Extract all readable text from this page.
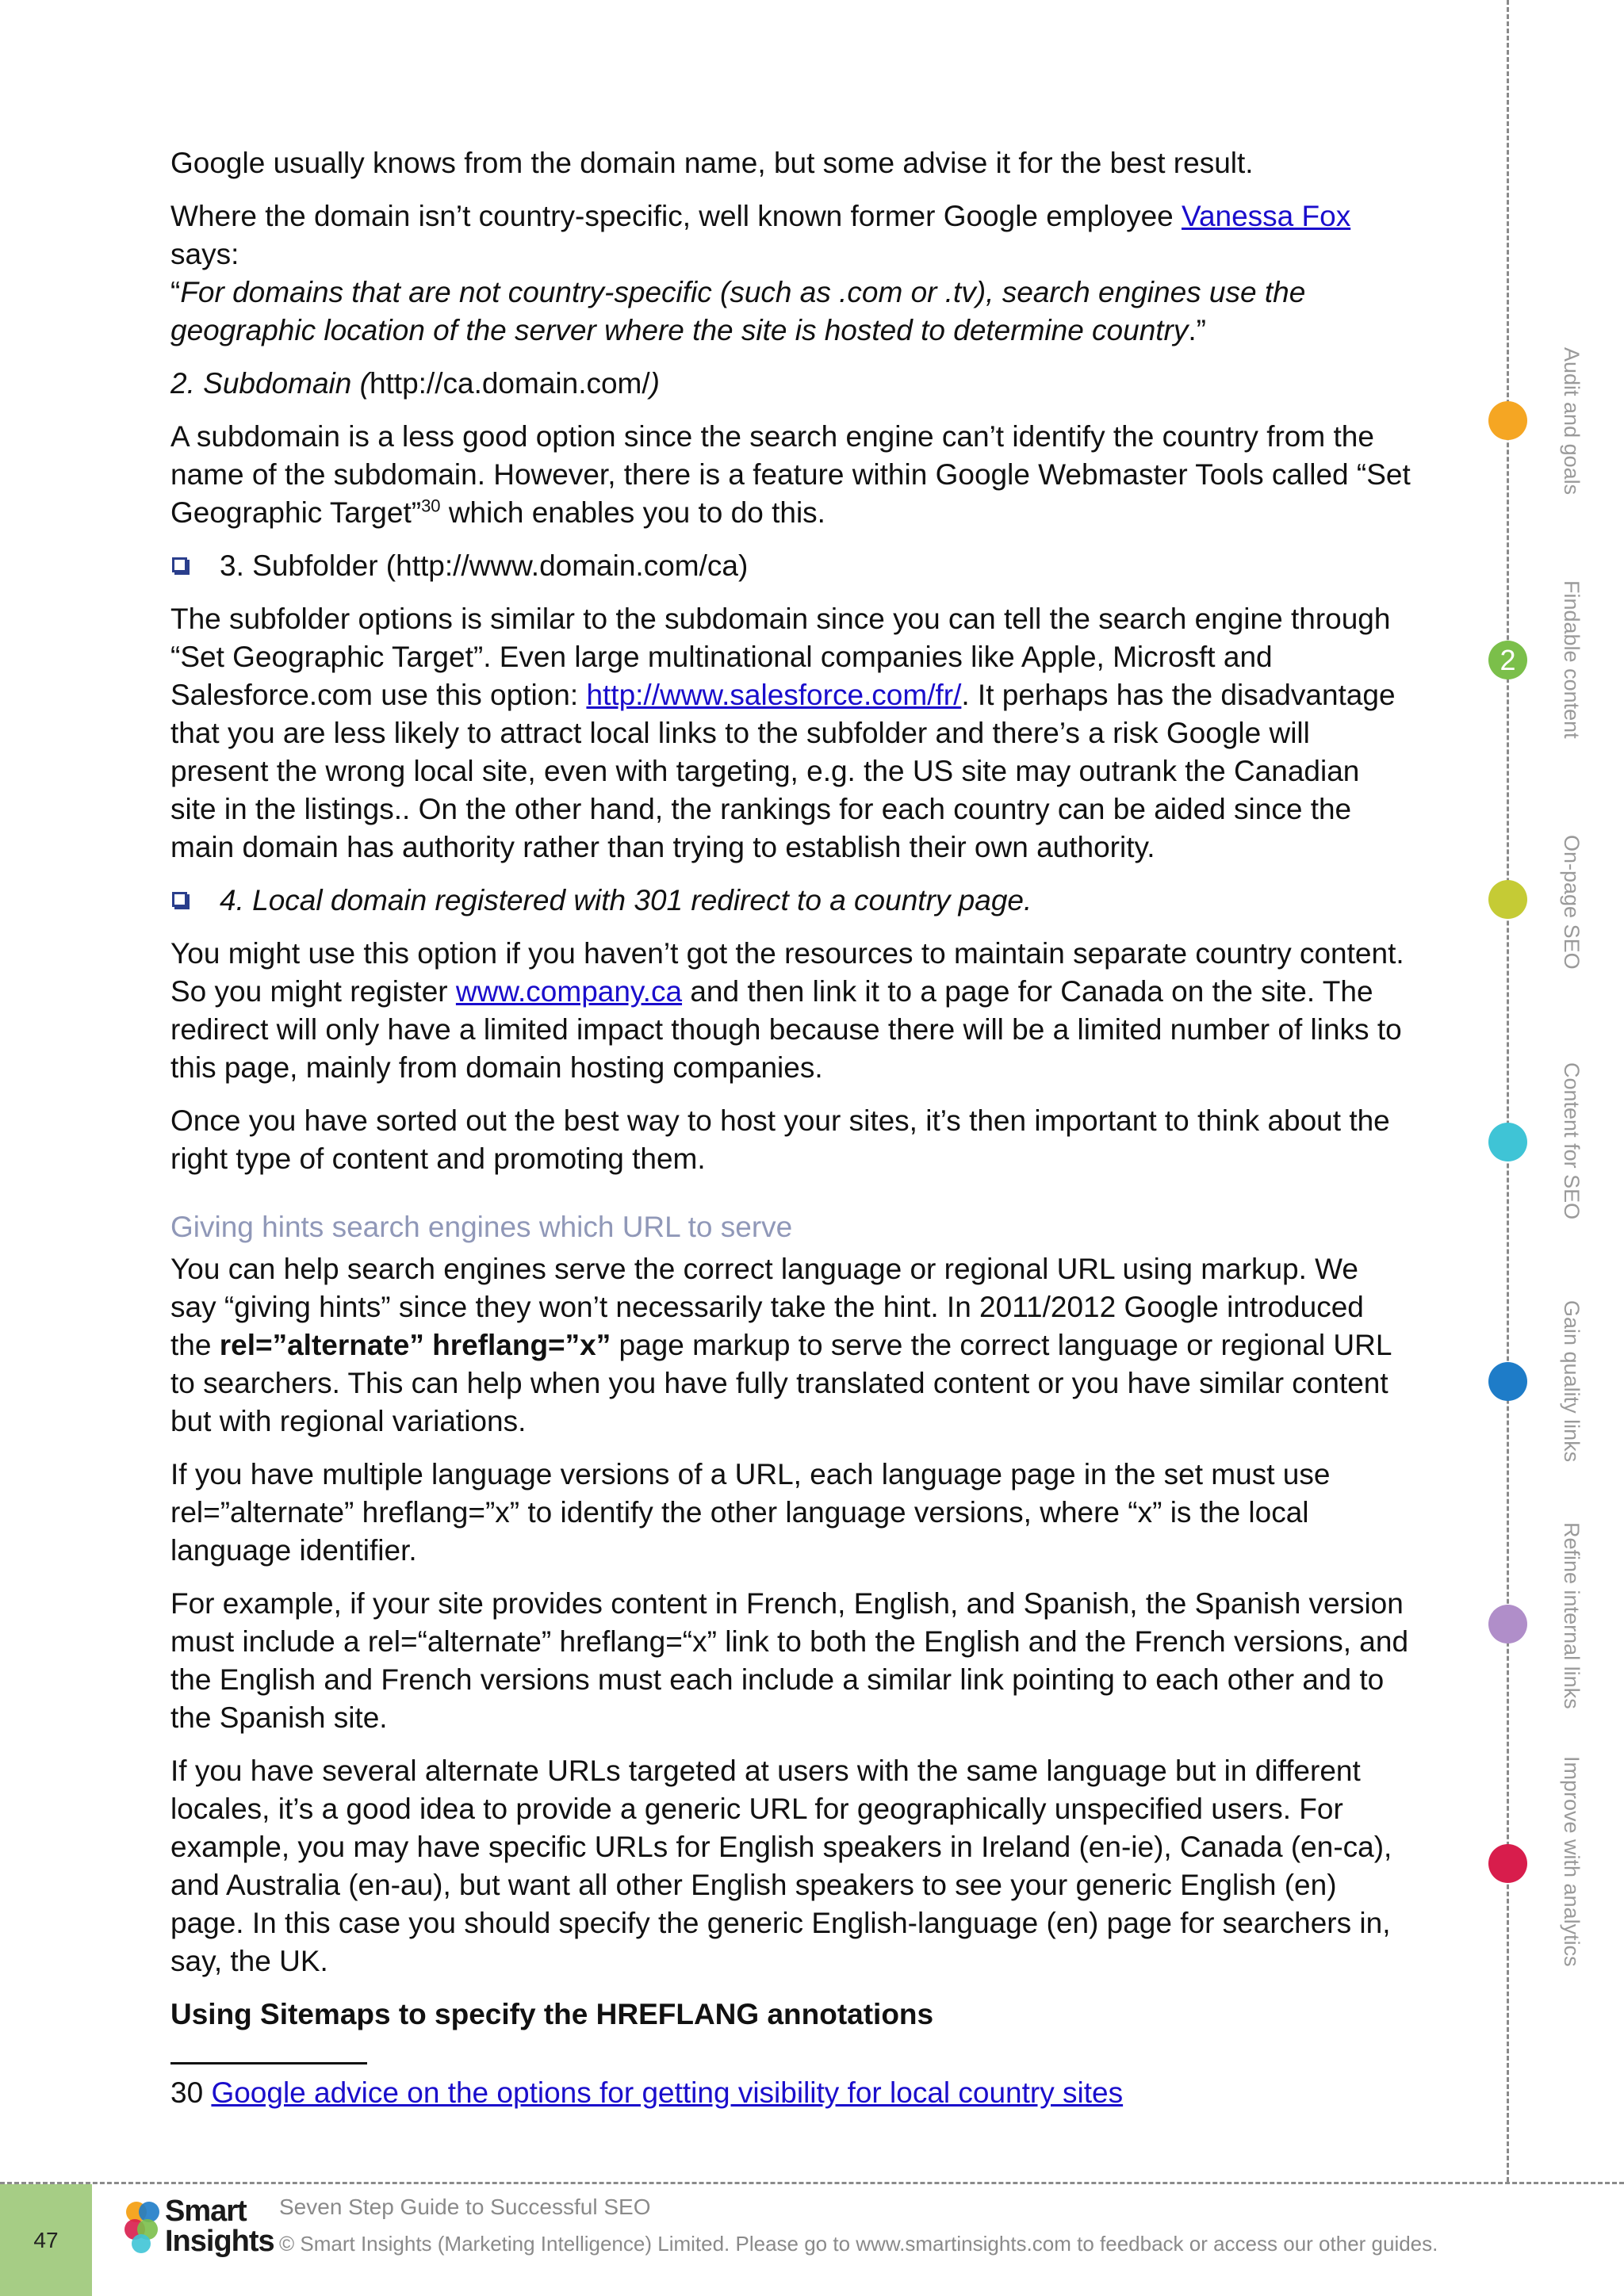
Google usually knows from the domain name, but some advise it for the best result.

Where the domain isn’t country-specific, well known former Google employee Vanessa Fox
says:
“For domains that are not country-specific (such as .com or .tv), search engines use the geographic location of the server where the site is hosted to determine country.”

2. Subdomain (http://ca.domain.com/)

A subdomain is a less good option since the search engine can’t identify the country from the name of the subdomain. However, there is a feature within Google Webmaster Tools called “Set Geographic Target”$^{30}$ which enables you to do this.

3. Subfolder (http://www.domain.com/ca)

The subfolder options is similar to the subdomain since you can tell the search engine through “Set Geographic Target”. Even large multinational companies like Apple, Microsft and Salesforce.com use this option: http://www.salesforce.com/fr/. It perhaps has the disadvantage that you are less likely to attract local links to the subfolder and there’s a risk Google will present the wrong local site, even with targeting, e.g. the US site may outrank the Canadian site in the listings.. On the other hand, the rankings for each country can be aided since the main domain has authority rather than trying to establish their own authority.

4. Local domain registered with 301 redirect to a country page.

You might use this option if you haven’t got the resources to maintain separate country content. So you might register www.company.ca and then link it to a page for Canada on the site. The redirect will only have a limited impact though because there will be a limited number of links to this page, mainly from domain hosting companies.

Once you have sorted out the best way to host your sites, it’s then important to think about the right type of content and promoting them.

Giving hints search engines which URL to serve

You can help search engines serve the correct language or regional URL using markup. We say “giving hints” since they won’t necessarily take the hint. In 2011/2012 Google introduced the rel=”alternate” hreflang=”x” page markup to serve the correct language or regional URL to searchers. This can help when you have fully translated content or you have similar content but with regional variations.

If you have multiple language versions of a URL, each language page in the set must use rel=”alternate” hreflang=”x” to identify the other language versions, where “x” is the local language identifier.

For example, if your site provides content in French, English, and Spanish, the Spanish version must include a rel=“alternate” hreflang=“x” link to both the English and the French versions, and the English and French versions must each include a similar link pointing to each other and to the Spanish site.

If you have several alternate URLs targeted at users with the same language but in different locales, it’s a good idea to provide a generic URL for geographically unspecified users. For example, you may have specific URLs for English speakers in Ireland (en-ie), Canada (en-ca), and Australia (en-au), but want all other English speakers to see your generic English (en) page. In this case you should specify the generic English-language (en) page for searchers in, say, the UK.

Using Sitemaps to specify the HREFLANG annotations

30 Google advice on the options for getting visibility for local country sites
Audit and goals
2	Findable content
On-page SEO
Content for SEO
Gain quality links
Refine internal links
Improve with analytics
47
Smart
Insights
Seven Step Guide to Successful SEO
© Smart Insights (Marketing Intelligence) Limited. Please go to www.smartinsights.com to feedback or access our other guides.
